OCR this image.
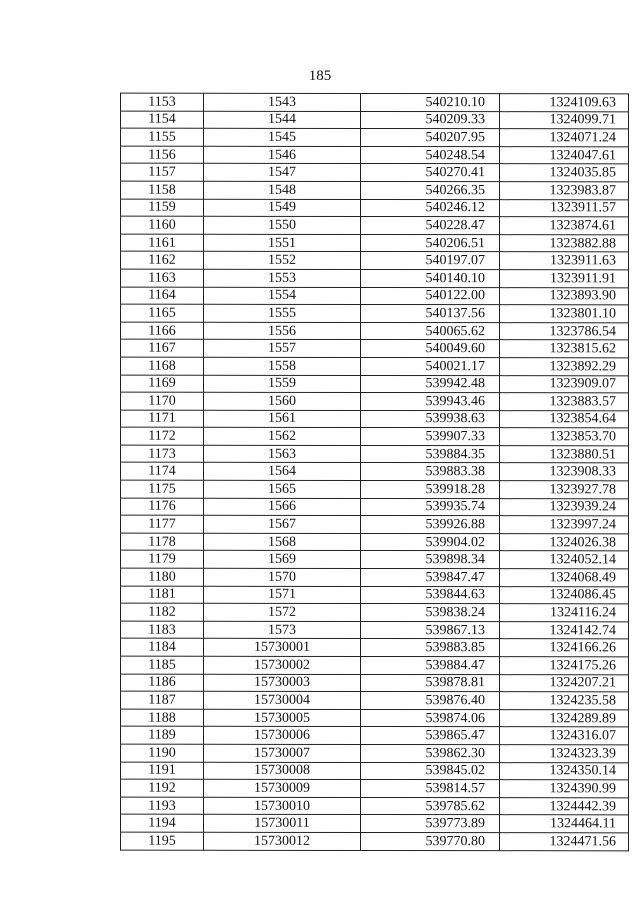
185
1153	1543	540210.10	1324109.63
1154	1544	540209.33	1324099.71
1155	1545	540207.95	1324071.24
1156	1546	540248.54	1324047.61
1157	1547	540270.41	1324035.85
1158	1548	540266.35	1323983.87
1159	1549	540246.12	1323911.57
1160	1550	540228.47	1323874.61
1161	1551	540206.51	1323882.88
1162	1552	540197.07	1323911.63
1163	1553	540140.10	1323911.91
1164	1554	540122.00	1323893.90
1165	1555	540137.56	1323801.10
1166	1556	540065.62	1323786.54
1167	1557	540049.60	1323815.62
1168	1558	540021.17	1323892.29
1169	1559	539942.48	1323909.07
1170	1560	539943.46	1323883.57
1171	1561	539938.63	1323854.64
1172	1562	539907.33	1323853.70
1173	1563	539884.35	1323880.51
1174	1564	539883.38	1323908.33
1175	1565	539918.28	1323927.78
1176	1566	539935.74	1323939.24
1177	1567	539926.88	1323997.24
1178	1568	539904.02	1324026.38
1179	1569	539898.34	1324052.14
1180	1570	539847.47	1324068.49
1181	1571	539844.63	1324086.45
1182	1572	539838.24	1324116.24
1183	1573	539867.13	1324142.74
1184	15730001	539883.85	1324166.26
1185	15730002	539884.47	1324175.26
1186	15730003	539878.81	1324207.21
1187	15730004	539876.40	1324235.58
1188	15730005	539874.06	1324289.89
1189	15730006	539865.47	1324316.07
1190	15730007	539862.30	1324323.39
1191	15730008	539845.02	1324350.14
1192	15730009	539814.57	1324390.99
1193	15730010	539785.62	1324442.39
1194	15730011	539773.89	1324464.11
1195	15730012	539770.80	1324471.56
